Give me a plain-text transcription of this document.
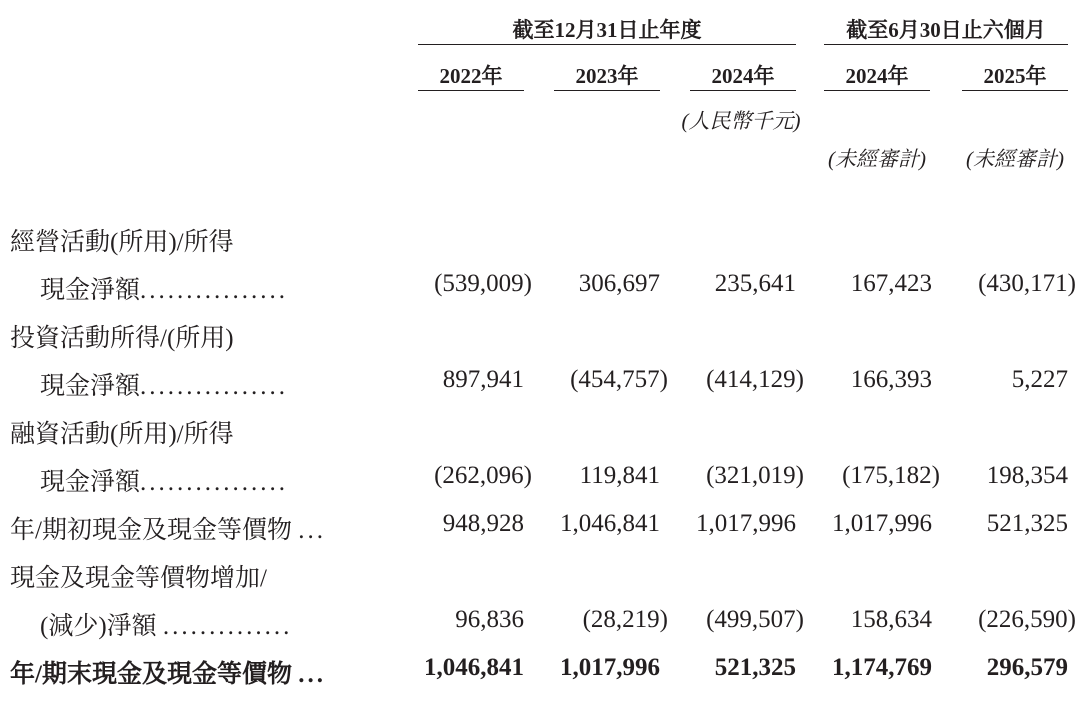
截至12月31日止年度	截至6月30日止六個月
2022年	2023年	2024年	2024年	2025年
(人民幣千元)
(未經審計)	(未經審計)
經營活動(所用)/所得
現金淨額................	(539,009)	306,697	235,641	167,423	(430,171)
投資活動所得/(所用)
現金淨額................	897,941	(454,757)	(414,129)	166,393	5,227
融資活動(所用)/所得
現金淨額................	(262,096)	119,841	(321,019)	(175,182)	198,354
年/期初現金及現金等價物 ...	948,928	1,046,841	1,017,996	1,017,996	521,325
現金及現金等價物增加/
(減少)淨額 ..............	96,836	(28,219)	(499,507)	158,634	(226,590)
年/期末現金及現金等價物 ...	1,046,841	1,017,996	521,325	1,174,769	296,579
